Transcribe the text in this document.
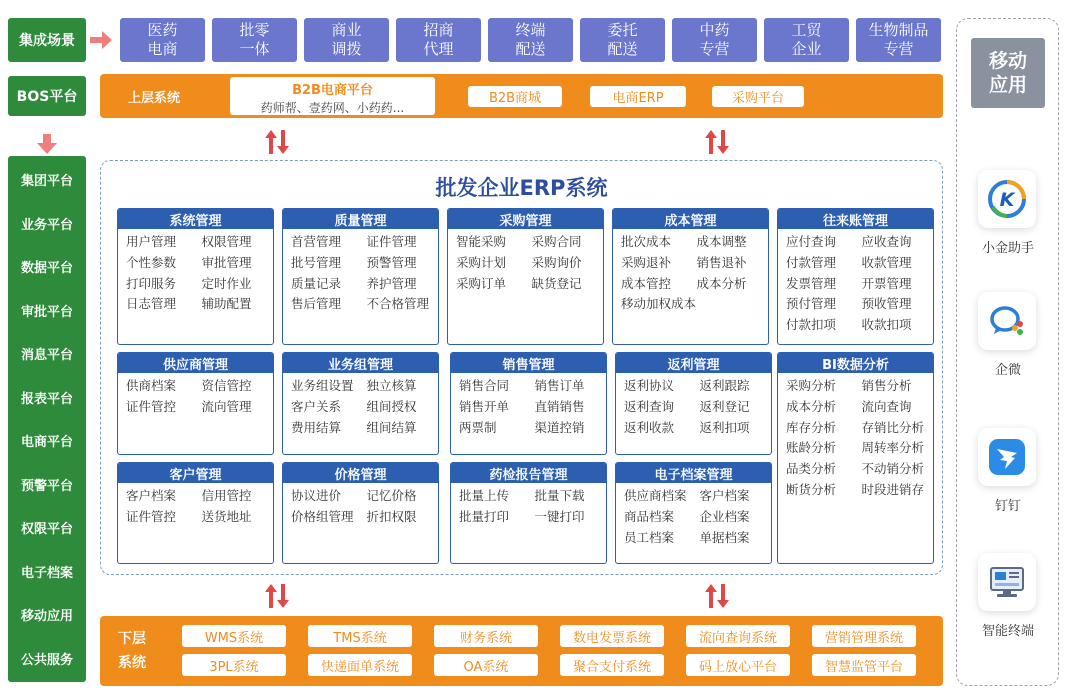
集成场景
医药
电商
批零
一体
商业
调拨
招商
代理
终端
配送
委托
配送
中药
专营
工贸
企业
生物制品
专营
BOS平台	上层系统
B2B电商平台
药师帮、壹药网、小药药...
B2B商城	电商ERP	采购平台
集团平台
业务平台
数据平台
审批平台
消息平台
报表平台
电商平台
预警平台
权限平台
电子档案
移动应用
公共服务
批发企业ERP系统
系统管理
用户管理	权限管理
个性参数	审批管理
打印服务	定时作业
日志管理	辅助配置
质量管理
首营管理	证件管理
批号管理	预警管理
质量记录	养护管理
售后管理	不合格管理
采购管理
智能采购	采购合同
采购计划	采购询价
采购订单	缺货登记
成本管理
批次成本	成本调整
采购退补	销售退补
成本管控	成本分析
移动加权成本
往来账管理
应付查询	应收查询
付款管理	收款管理
发票管理	开票管理
预付管理	预收管理
付款扣项	收款扣项
供应商管理
供商档案	资信管控
证件管控	流向管理
业务组管理
业务组设置	独立核算
客户关系	组间授权
费用结算	组间结算
销售管理
销售合同	销售订单
销售开单	直销销售
两票制	渠道控销
返利管理
返利协议	返利跟踪
返利查询	返利登记
返利收款	返利扣项
BI数据分析
采购分析	销售分析
成本分析	流向查询
库存分析	存销比分析
账龄分析	周转率分析
品类分析	不动销分析
断货分析	时段进销存
客户管理
客户档案	信用管控
证件管控	送货地址
价格管理
协议进价	记忆价格
价格组管理	折扣权限
药检报告管理
批量上传	批量下载
批量打印	一键打印
电子档案管理
供应商档案	客户档案
商品档案	企业档案
员工档案	单据档案
下层
系统
WMS系统	TMS系统	财务系统	数电发票系统	流向查询系统	营销管理系统
3PL系统	快递面单系统	OA系统	聚合支付系统	码上放心平台	智慧监管平台
移动
应用
K
小金助手
企微
钉钉
智能终端
